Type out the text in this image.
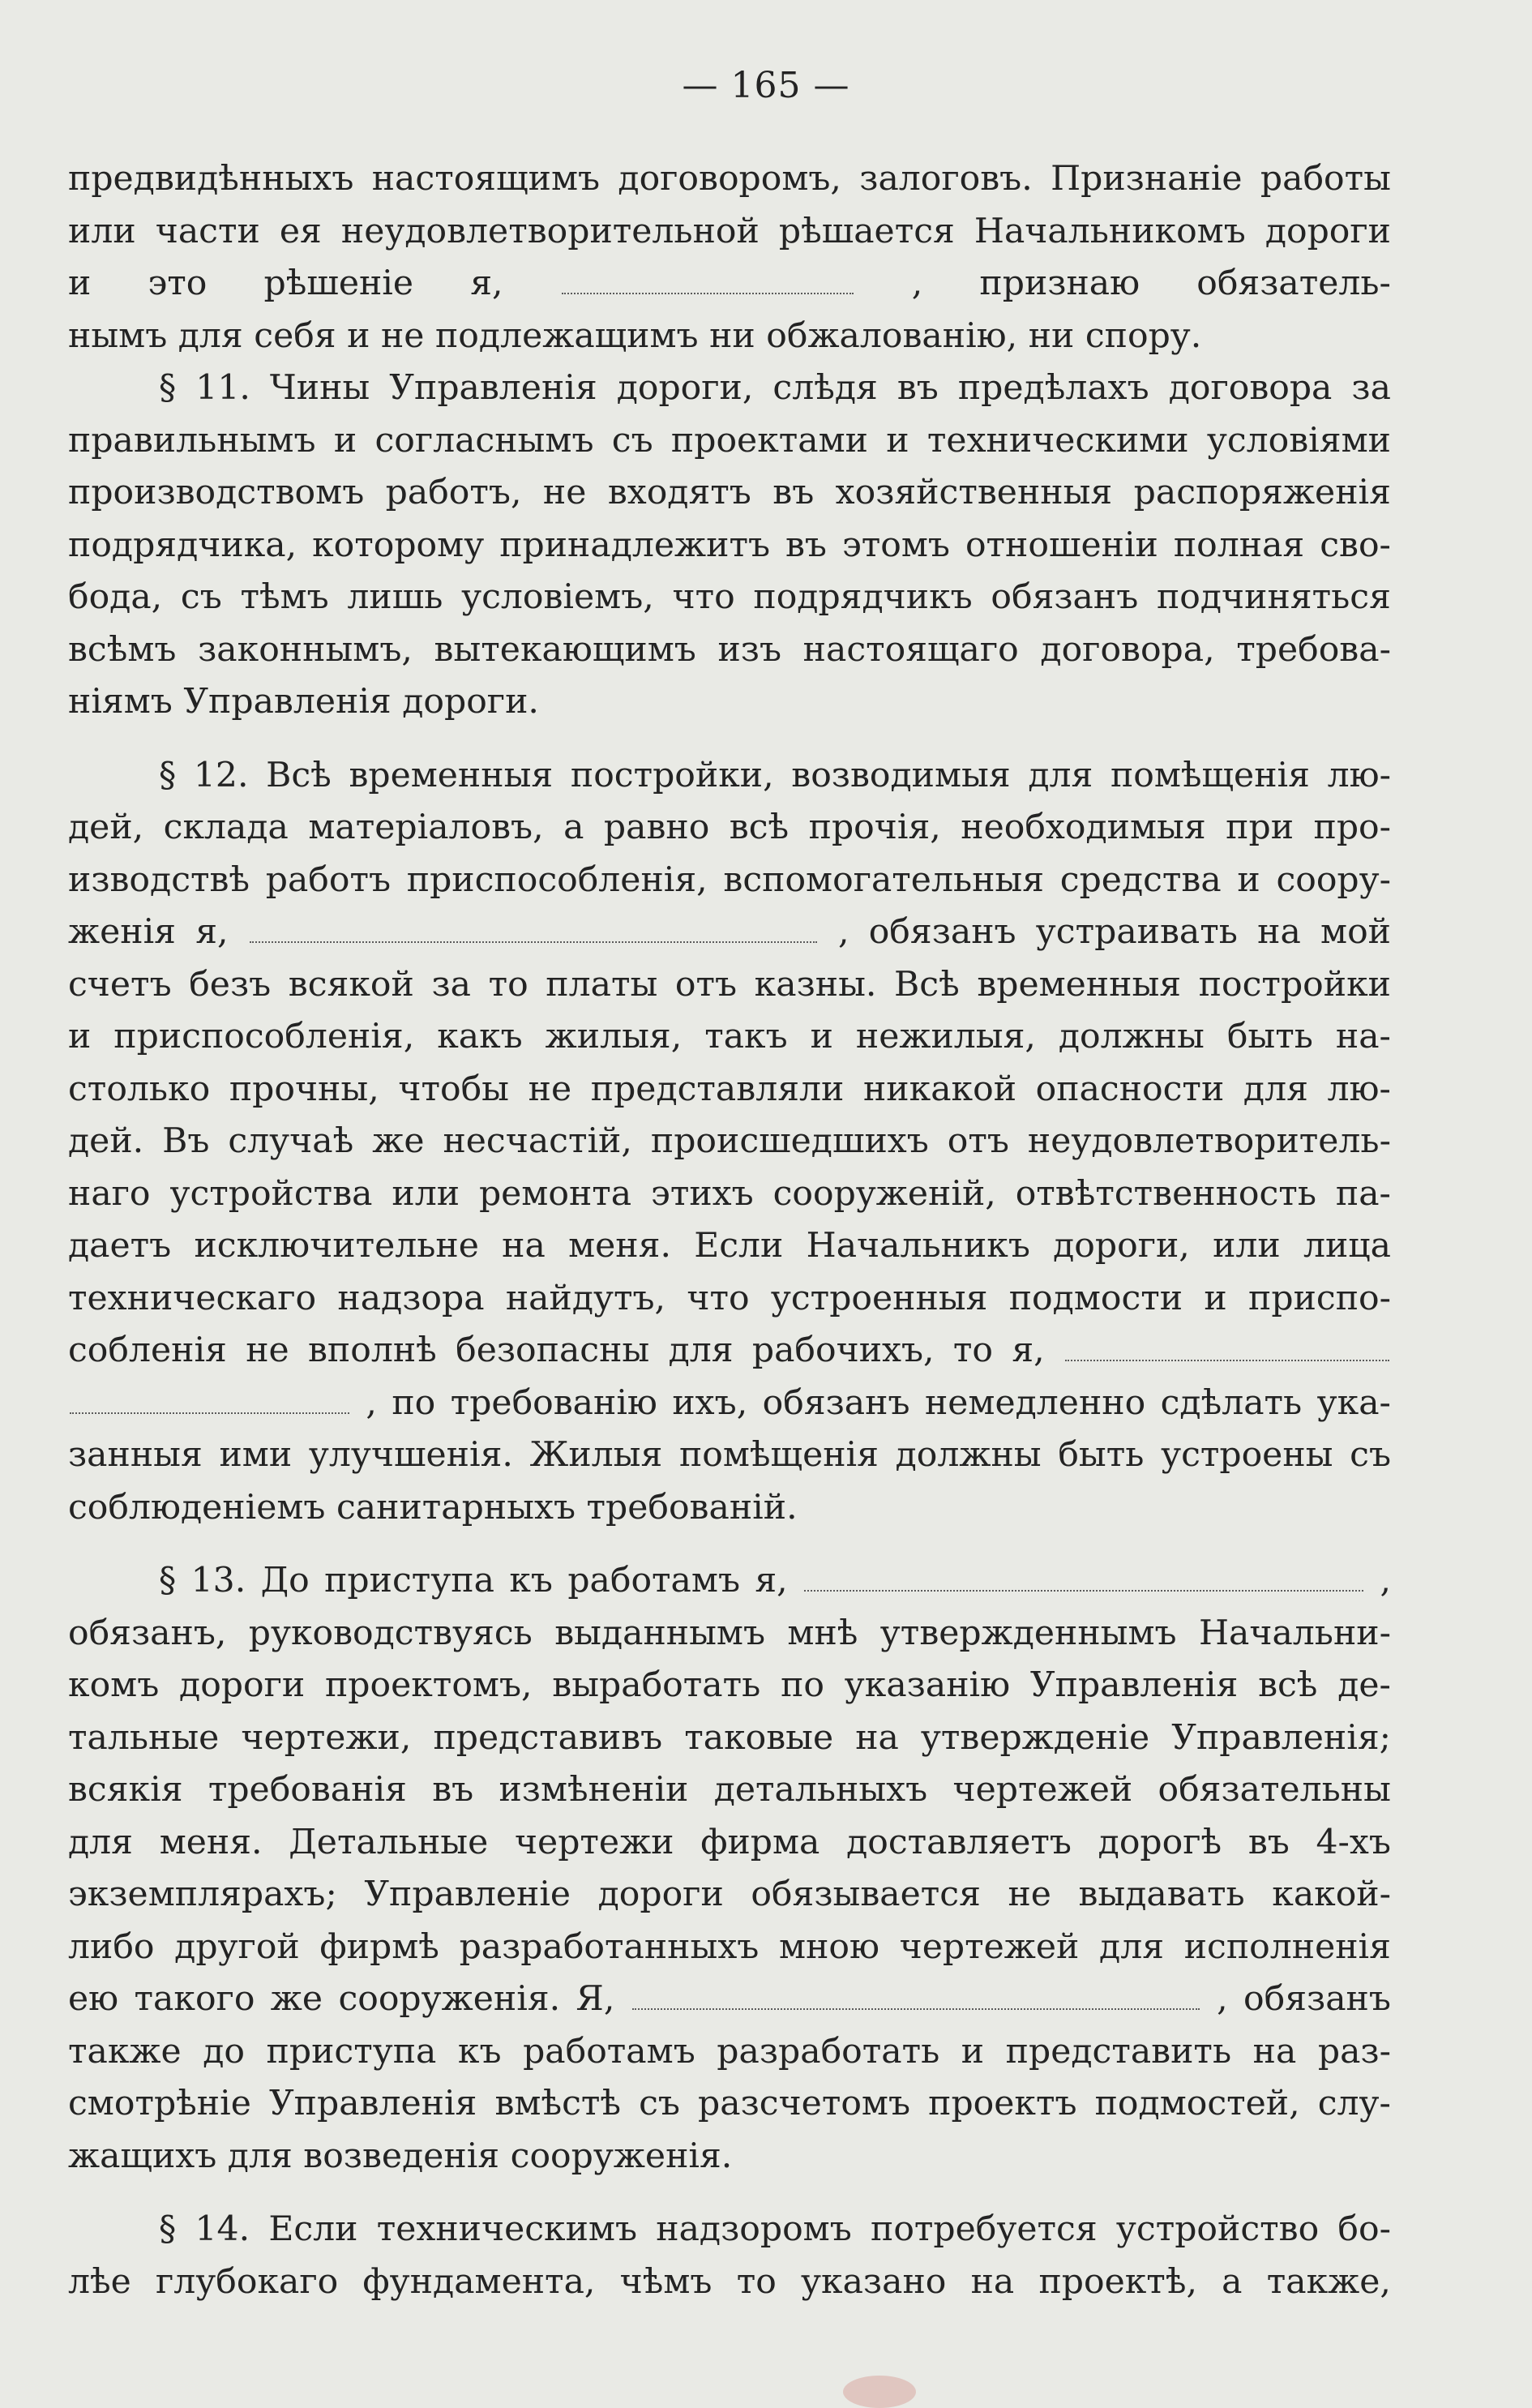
— 165 —
предвидѣнныхъ настоящимъ договоромъ, залоговъ. Признаніе работы
или части ея неудовлетворительной рѣшается Начальникомъ дороги
и это рѣшеніе я,	, признаю обязатель-
нымъ
для
себя
и
не
подлежащимъ
ни
обжалованію,
ни
спору.
§ 11. Чины Управленія дороги, слѣдя въ предѣлахъ договора за
правильнымъ и согласнымъ съ проектами и техническими условіями
производствомъ работъ, не входятъ въ хозяйственныя распоряженія
подрядчика, которому принадлежитъ въ этомъ отношеніи полная сво-
бода, съ тѣмъ лишь условіемъ, что подрядчикъ обязанъ подчиняться
всѣмъ законнымъ, вытекающимъ изъ настоящаго договора, требова-
ніямъ
Управленія
дороги.
§ 12. Всѣ временныя постройки, возводимыя для помѣщенія лю-
дей, склада матеріаловъ, а равно всѣ прочія, необходимыя при про-
изводствѣ работъ приспособленія, вспомогательныя средства и соору-
женія я,	, обязанъ устраивать на мой
счетъ безъ всякой за то платы отъ казны. Всѣ временныя постройки
и приспособленія, какъ жилыя, такъ и нежилыя, должны быть на-
столько прочны, чтобы не представляли никакой опасности для лю-
дей. Въ случаѣ же несчастій, происшедшихъ отъ неудовлетворитель-
наго устройства или ремонта этихъ сооруженій, отвѣтственность па-
даетъ исключительне на меня. Если Начальникъ дороги, или лица
техническаго надзора найдутъ, что устроенныя подмости и приспо-
собленія не вполнѣ безопасны для рабочихъ, то я,
, по требованію ихъ, обязанъ немедленно сдѣлать ука-
занныя ими улучшенія. Жилыя помѣщенія должны быть устроены съ
соблюденіемъ
санитарныхъ
требованій.
§ 13. До приступа къ работамъ я,	,
обязанъ, руководствуясь выданнымъ мнѣ утвержденнымъ Начальни-
комъ дороги проектомъ, выработать по указанію Управленія всѣ де-
тальные чертежи, представивъ таковые на утвержденіе Управленія;
всякія требованія въ измѣненіи детальныхъ чертежей обязательны
для меня. Детальные чертежи фирма доставляетъ дорогѣ въ 4-хъ
экземплярахъ; Управленіе дороги обязывается не выдавать какой-
либо другой фирмѣ разработанныхъ мною чертежей для исполненія
ею такого же сооруженія. Я,	, обязанъ
также до приступа къ работамъ разработать и представить на раз-
смотрѣніе Управленія вмѣстѣ съ разсчетомъ проектъ подмостей, слу-
жащихъ
для
возведенія
сооруженія.
§ 14. Если техническимъ надзоромъ потребуется устройство бо-
лѣе глубокаго фундамента, чѣмъ то указано на проектѣ, а также,
